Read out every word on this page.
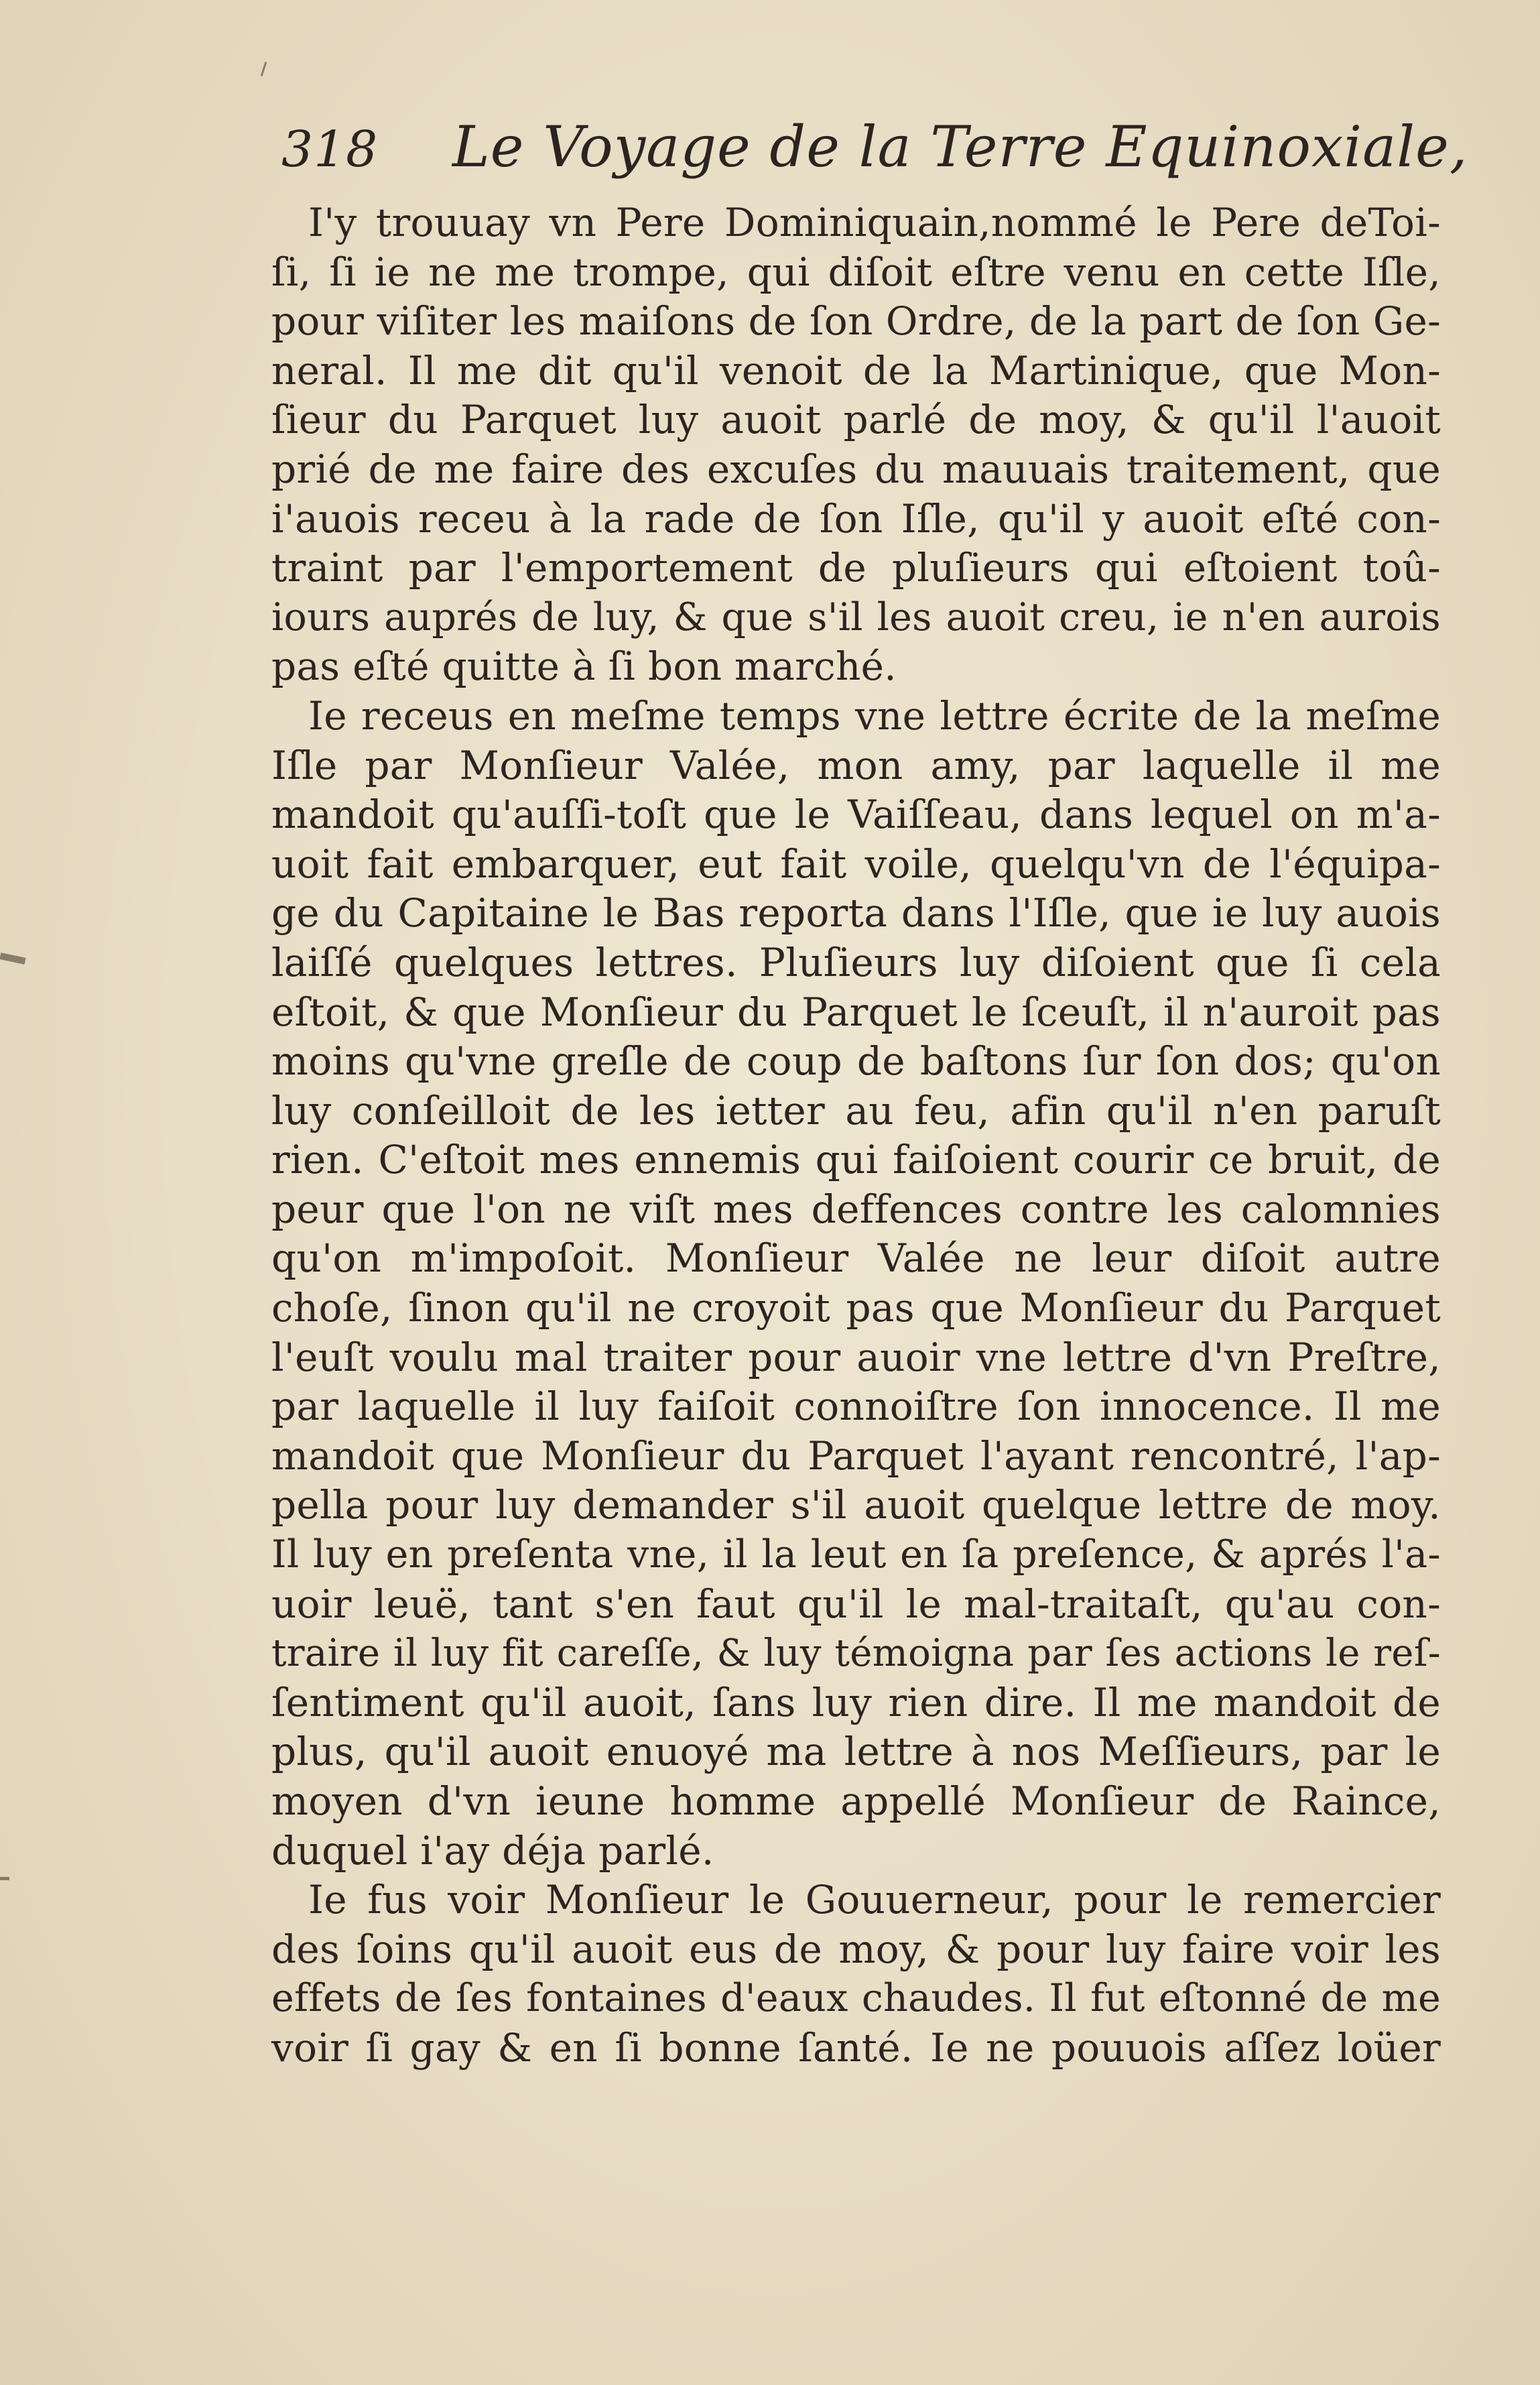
318 Le Voyage de la Terre Equinoxiale,
I'y trouuay vn Pere Dominiquain,nommé le Pere deToi-
ſi, ſi ie ne me trompe, qui diſoit eſtre venu en cette Iſle,
pour viſiter les maiſons de ſon Ordre, de la part de ſon Ge-
neral. Il me dit qu'il venoit de la Martinique, que Mon-
ſieur du Parquet luy auoit parlé de moy, & qu'il l'auoit
prié de me faire des excuſes du mauuais traitement, que
i'auois receu à la rade de ſon Iſle, qu'il y auoit eſté con-
traint par l'emportement de pluſieurs qui eſtoient toû-
iours auprés de luy, & que s'il les auoit creu, ie n'en aurois
pas eſté quitte à ſi bon marché.
Ie receus en meſme temps vne lettre écrite de la meſme
Iſle par Monſieur Valée, mon amy, par laquelle il me
mandoit qu'auſſi-toſt que le Vaiſſeau, dans lequel on m'a-
uoit fait embarquer, eut fait voile, quelqu'vn de l'équipa-
ge du Capitaine le Bas reporta dans l'Iſle, que ie luy auois
laiſſé quelques lettres. Pluſieurs luy diſoient que ſi cela
eſtoit, & que Monſieur du Parquet le ſceuſt, il n'auroit pas
moins qu'vne greſle de coup de baſtons ſur ſon dos; qu'on
luy conſeilloit de les ietter au feu, afin qu'il n'en paruſt
rien. C'eſtoit mes ennemis qui faiſoient courir ce bruit, de
peur que l'on ne viſt mes deffences contre les calomnies
qu'on m'impoſoit. Monſieur Valée ne leur diſoit autre
choſe, ſinon qu'il ne croyoit pas que Monſieur du Parquet
l'euſt voulu mal traiter pour auoir vne lettre d'vn Preſtre,
par laquelle il luy faiſoit connoiſtre ſon innocence. Il me
mandoit que Monſieur du Parquet l'ayant rencontré, l'ap-
pella pour luy demander s'il auoit quelque lettre de moy.
Il luy en preſenta vne, il la leut en ſa preſence, & aprés l'a-
uoir leuë, tant s'en faut qu'il le mal-traitaſt, qu'au con-
traire il luy fit careſſe, & luy témoigna par ſes actions le reſ-
ſentiment qu'il auoit, ſans luy rien dire. Il me mandoit de
plus, qu'il auoit enuoyé ma lettre à nos Meſſieurs, par le
moyen d'vn ieune homme appellé Monſieur de Raince,
duquel i'ay déja parlé.
Ie fus voir Monſieur le Gouuerneur, pour le remercier
des ſoins qu'il auoit eus de moy, & pour luy faire voir les
effets de ſes fontaines d'eaux chaudes. Il fut eſtonné de me
voir ſi gay & en ſi bonne ſanté. Ie ne pouuois aſſez loüer
